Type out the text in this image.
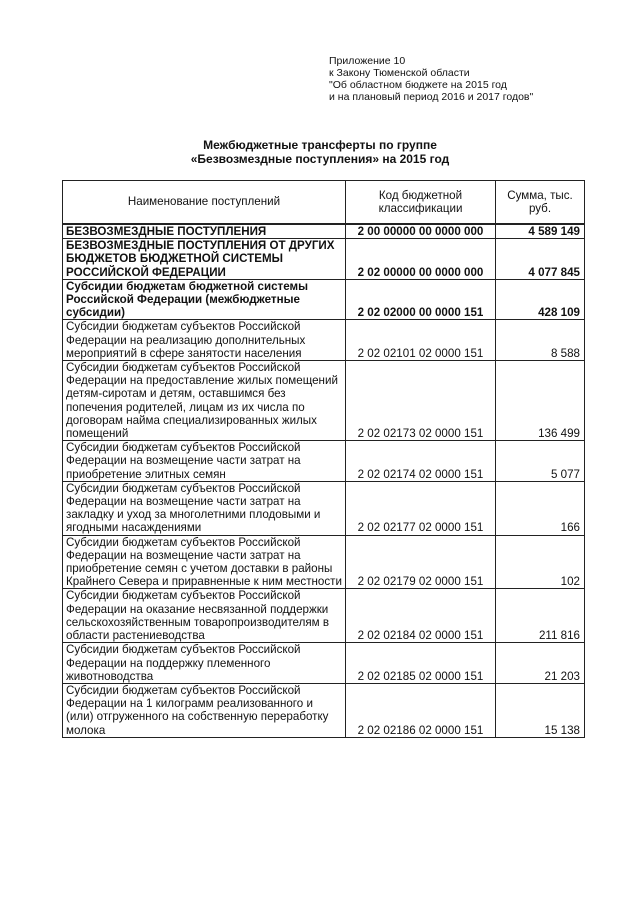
Приложение 10
к Закону Тюменской области
"Об областном бюджете на 2015 год
и на плановый период 2016 и 2017 годов"
Межбюджетные трансферты по группе
«Безвозмездные поступления» на 2015 год
Наименование поступлений	Код бюджетной классификации	Сумма, тыс. руб.
БЕЗВОЗМЕЗДНЫЕ ПОСТУПЛЕНИЯ	2 00 00000 00 0000 000	4 589 149
БЕЗВОЗМЕЗДНЫЕ ПОСТУПЛЕНИЯ ОТ ДРУГИХ БЮДЖЕТОВ БЮДЖЕТНОЙ СИСТЕМЫ РОССИЙСКОЙ ФЕДЕРАЦИИ	2 02 00000 00 0000 000	4 077 845
Субсидии бюджетам бюджетной системы Российской Федерации (межбюджетные субсидии)	2 02 02000 00 0000 151	428 109
Субсидии бюджетам субъектов Российской Федерации на реализацию дополнительных мероприятий в сфере занятости населения	2 02 02101 02 0000 151	8 588
Субсидии бюджетам субъектов Российской Федерации на предоставление жилых помещений детям-сиротам и детям, оставшимся без попечения родителей, лицам из их числа по договорам найма специализированных жилых помещений	2 02 02173 02 0000 151	136 499
Субсидии бюджетам субъектов Российской Федерации на возмещение части затрат на приобретение элитных семян	2 02 02174 02 0000 151	5 077
Субсидии бюджетам субъектов Российской Федерации на возмещение части затрат на закладку и уход за многолетними плодовыми и ягодными насаждениями	2 02 02177 02 0000 151	166
Субсидии бюджетам субъектов Российской Федерации на возмещение части затрат на приобретение семян с учетом доставки в районы Крайнего Севера и приравненные к ним местности	2 02 02179 02 0000 151	102
Субсидии бюджетам субъектов Российской Федерации на оказание несвязанной поддержки сельскохозяйственным товаропроизводителям в области растениеводства	2 02 02184 02 0000 151	211 816
Субсидии бюджетам субъектов Российской Федерации на поддержку племенного животноводства	2 02 02185 02 0000 151	21 203
Субсидии бюджетам субъектов Российской Федерации на 1 килограмм реализованного и (или) отгруженного на собственную переработку молока	2 02 02186 02 0000 151	15 138
